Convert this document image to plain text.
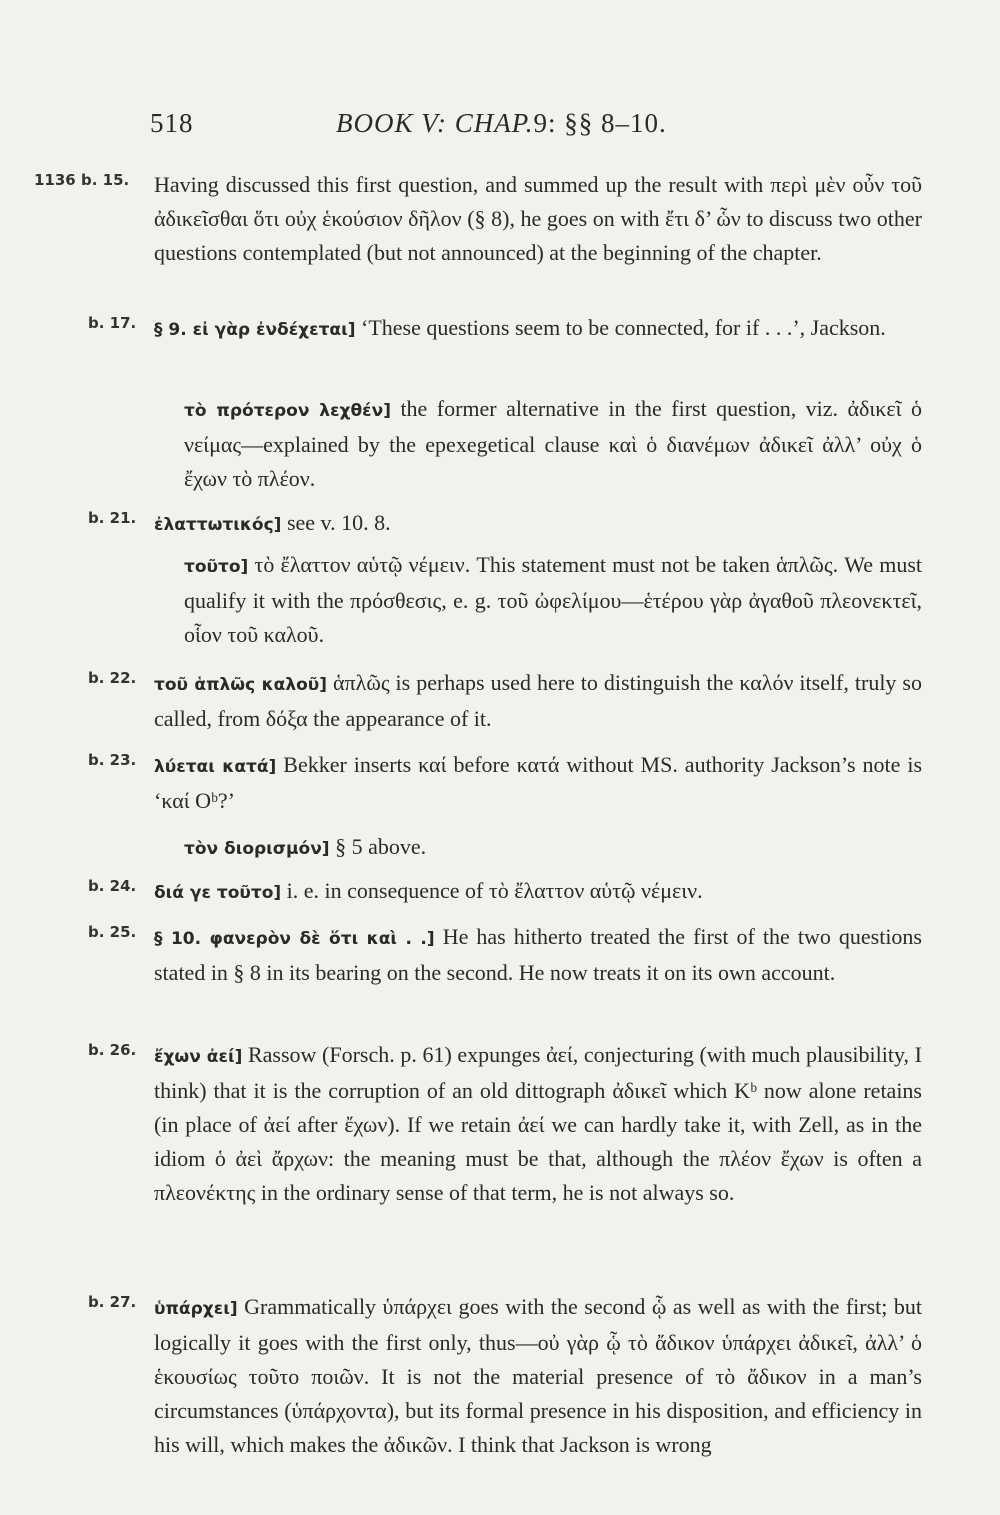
518	BOOK V: CHAP.9: §§ 8–10.
1136 b. 15. Having discussed this first question, and summed up the result with περὶ μὲν οὖν τοῦ ἀδικεῖσθαι ὅτι οὐχ ἑκούσιον δῆλον (§ 8), he goes on with ἔτι δ’ ὧν to discuss two other questions contemplated (but not announced) at the beginning of the chapter.
b. 17. § 9. εἰ γὰρ ἐνδέχεται] ‘These questions seem to be connected, for if . . .’, Jackson.
τὸ πρότερον λεχθέν] the former alternative in the first question, viz. ἀδικεῖ ὁ νείμας—explained by the epexegetical clause καὶ ὁ διανέμων ἀδικεῖ ἀλλ’ οὐχ ὁ ἔχων τὸ πλέον.
b. 21. ἐλαττωτικός] see v. 10. 8.
τοῦτο] τὸ ἔλαττον αὑτῷ νέμειν. This statement must not be taken ἁπλῶς. We must qualify it with the πρόσθεσις, e. g. τοῦ ὠφελίμου—ἑτέρου γὰρ ἀγαθοῦ πλεονεκτεῖ, οἷον τοῦ καλοῦ.
b. 22. τοῦ ἁπλῶς καλοῦ] ἁπλῶς is perhaps used here to distinguish the καλόν itself, truly so called, from δόξα the appearance of it.
b. 23. λύεται κατά] Bekker inserts καί before κατά without MS. authority Jackson’s note is ‘καί Oᵇ?’
τὸν διορισμόν] § 5 above.
b. 24. διά γε τοῦτο] i. e. in consequence of τὸ ἔλαττον αὑτῷ νέμειν.
b. 25. § 10. φανερὸν δὲ ὅτι καὶ . .] He has hitherto treated the first of the two questions stated in § 8 in its bearing on the second. He now treats it on its own account.
b. 26. ἔχων ἀεί] Rassow (Forsch. p. 61) expunges ἀεί, conjecturing (with much plausibility, I think) that it is the corruption of an old dittograph ἀδικεῖ which Kᵇ now alone retains (in place of ἀεί after ἔχων). If we retain ἀεί we can hardly take it, with Zell, as in the idiom ὁ ἀεὶ ἄρχων: the meaning must be that, although the πλέον ἔχων is often a πλεονέκτης in the ordinary sense of that term, he is not always so.
b. 27. ὑπάρχει] Grammatically ὑπάρχει goes with the second ᾧ as well as with the first; but logically it goes with the first only, thus—οὐ γὰρ ᾧ τὸ ἄδικον ὑπάρχει ἀδικεῖ, ἀλλ’ ὁ ἑκουσίως τοῦτο ποιῶν. It is not the material presence of τὸ ἄδικον in a man’s circumstances (ὑπάρχοντα), but its formal presence in his disposition, and efficiency in his will, which makes the ἀδικῶν. I think that Jackson is wrong
